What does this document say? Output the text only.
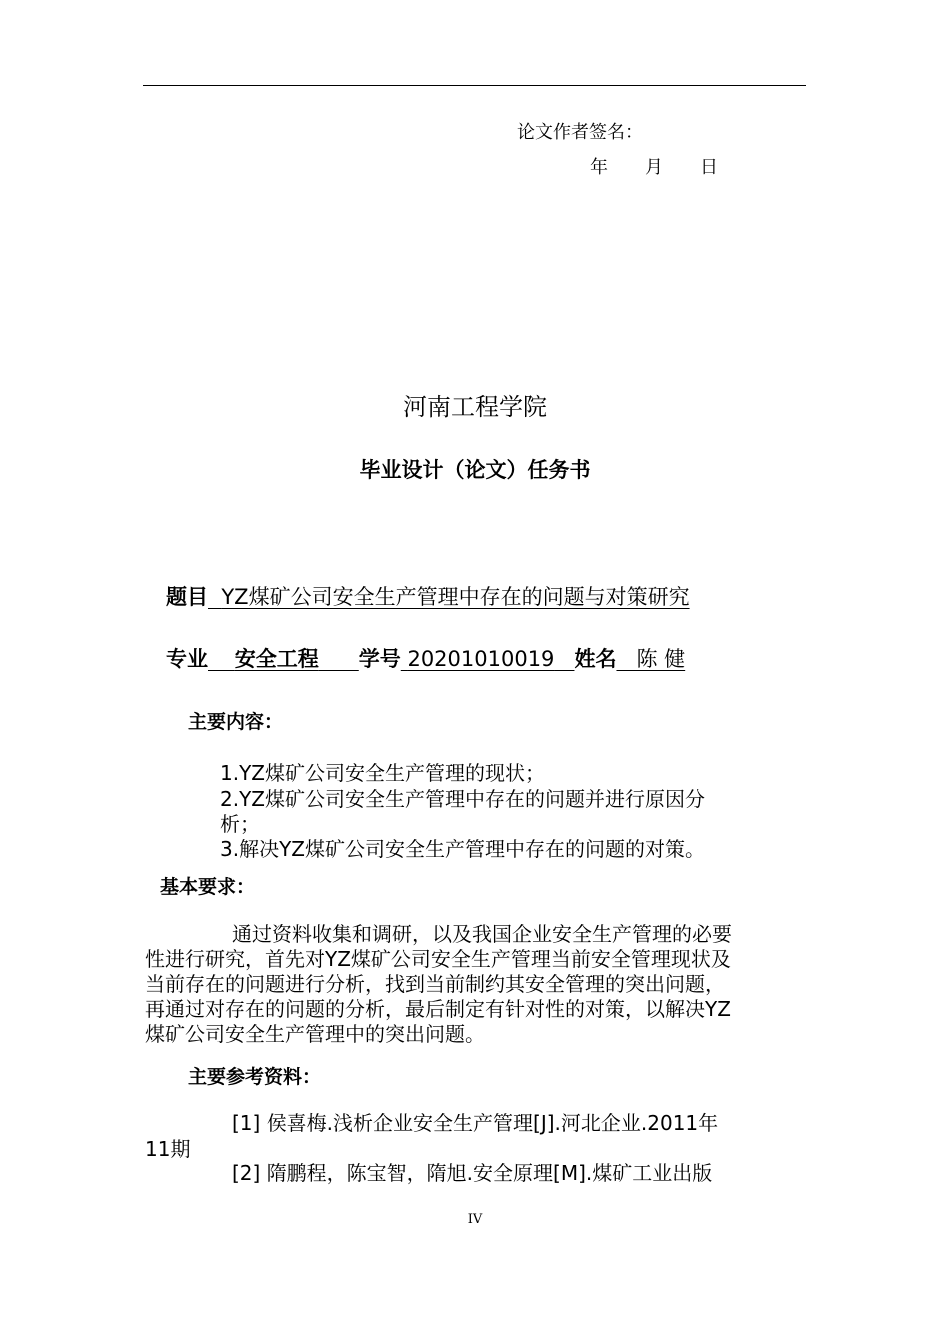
论文作者签名：
年 月 日
河南工程学院
毕业设计（论文）任务书
题目 YZ煤矿公司安全生产管理中存在的问题与对策研究
专业 安全工程 学号 20201010019 姓名 陈 健
主要内容：
1.YZ煤矿公司安全生产管理的现状；
2.YZ煤矿公司安全生产管理中存在的问题并进行原因分
析；
3.解决YZ煤矿公司安全生产管理中存在的问题的对策。
基本要求：
通过资料收集和调研，以及我国企业安全生产管理的必要
性进行研究，首先对YZ煤矿公司安全生产管理当前安全管理现状及
当前存在的问题进行分析，找到当前制约其安全管理的突出问题，
再通过对存在的问题的分析，最后制定有针对性的对策，以解决YZ
煤矿公司安全生产管理中的突出问题。
主要参考资料：
[1] 侯喜梅.浅析企业安全生产管理[J].河北企业.2011年
11期
[2] 隋鹏程，陈宝智，隋旭.安全原理[M].煤矿工业出版
IV
